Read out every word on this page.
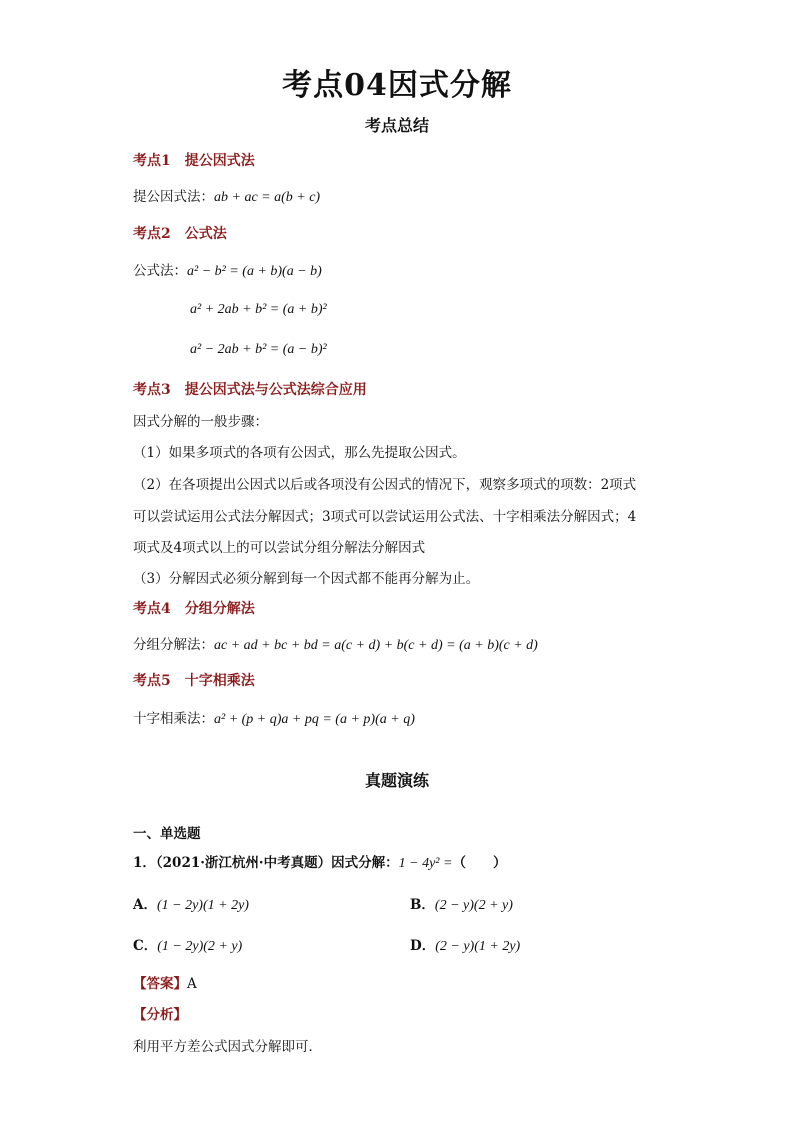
考点04因式分解
考点总结
考点1 提公因式法
提公因式法：ab + ac = a(b + c)
考点2 公式法
公式法：a² − b² = (a + b)(a − b)
a² + 2ab + b² = (a + b)²
a² − 2ab + b² = (a − b)²
考点3 提公因式法与公式法综合应用
因式分解的一般步骤：
（1）如果多项式的各项有公因式，那么先提取公因式。
（2）在各项提出公因式以后或各项没有公因式的情况下，观察多项式的项数：2项式
可以尝试运用公式法分解因式；3项式可以尝试运用公式法、十字相乘法分解因式；4
项式及4项式以上的可以尝试分组分解法分解因式
（3）分解因式必须分解到每一个因式都不能再分解为止。
考点4 分组分解法
分组分解法：ac + ad + bc + bd = a(c + d) + b(c + d) = (a + b)(c + d)
考点5 十字相乘法
十字相乘法：a² + (p + q)a + pq = (a + p)(a + q)
真题演练
一、单选题
1．（2021·浙江杭州·中考真题）因式分解：1 − 4y² =（　　）
A．(1 − 2y)(1 + 2y)	B．(2 − y)(2 + y)
C．(1 − 2y)(2 + y)	D．(2 − y)(1 + 2y)
【答案】A
【分析】
利用平方差公式因式分解即可．
